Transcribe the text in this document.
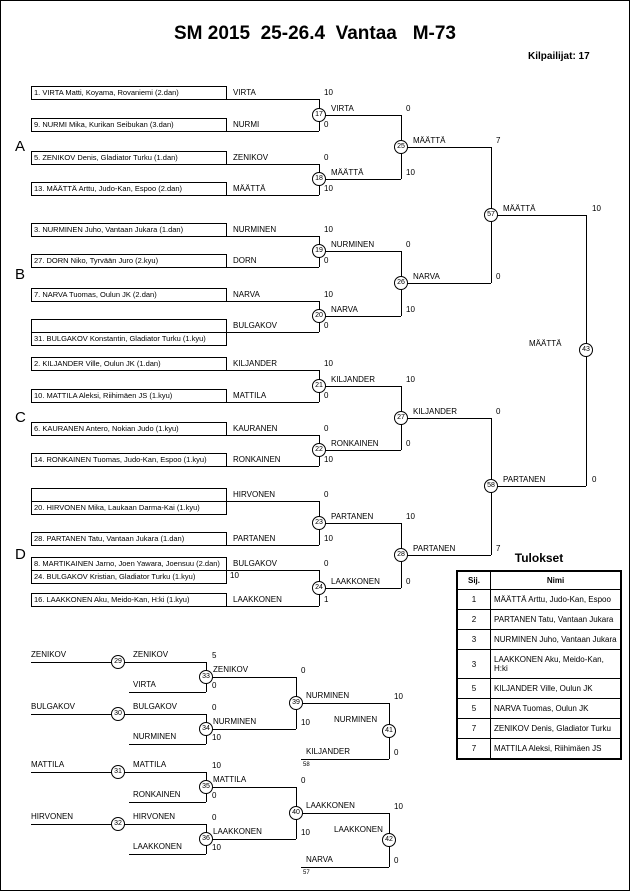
SM 2015  25-26.4  Vantaa   M-73
Kilpailijat: 17
A
B
C
D
1. VIRTA Matti, Koyama, Rovaniemi (2.dan)
9. NURMI Mika, Kurikan Seibukan (3.dan)
5. ZENIKOV Denis, Gladiator Turku (1.dan)
13. MÄÄTTÄ Arttu, Judo-Kan, Espoo (2.dan)
3. NURMINEN Juho, Vantaan Jukara (1.dan)
27. DORN Niko, Tyrvään Juro (2.kyu)
7. NARVA Tuomas, Oulun JK (2.dan)
31. BULGAKOV Konstantin, Gladiator Turku (1.kyu)
2. KILJANDER Ville, Oulun JK (1.dan)
10. MATTILA Aleksi, Riihimäen JS (1.kyu)
6. KAURANEN Antero, Nokian Judo (1.kyu)
14. RONKAINEN Tuomas, Judo-Kan, Espoo (1.kyu)
20. HIRVONEN Mika, Laukaan Darma-Kai (1.kyu)
28. PARTANEN Tatu, Vantaan Jukara (1.dan)
8. MARTIKAINEN Jarno, Joen Yawara, Joensuu (2.dan)
24. BULGAKOV Kristian, Gladiator Turku (1.kyu)
16. LAAKKONEN Aku, Meido-Kan, H:ki (1.kyu)
VIRTA
NURMI
ZENIKOV
MÄÄTTÄ
NURMINEN
DORN
NARVA
BULGAKOV
KILJANDER
MATTILA
KAURANEN
RONKAINEN
HIRVONEN
PARTANEN
BULGAKOV
LAAKKONEN
VIRTA
MÄÄTTÄ
NURMINEN
NARVA
KILJANDER
RONKAINEN
PARTANEN
LAAKKONEN
MÄÄTTÄ
NARVA
KILJANDER
PARTANEN
MÄÄTTÄ
PARTANEN
MÄÄTTÄ
ZENIKOV	ZENIKOV
VIRTA
BULGAKOV	BULGAKOV
NURMINEN
ZENIKOV
NURMINEN
NURMINEN
KILJANDER
NURMINEN
MATTILA	MATTILA
RONKAINEN
HIRVONEN	HIRVONEN
LAAKKONEN
MATTILA
LAAKKONEN
LAAKKONEN
NARVA
LAAKKONEN
10
0
0
10
10
0
10
0
10
0
0
10
0
10
0
1
0
10
0
10
10
0
10
0
7
0
0
7
10
0
10
5
0
0
10
10
0
0
10
0
10
0
10
10
0
10
0
58
57
17
18
19
20
21
22
23
24
25
26
27
28
57
58
43
29
30
31
32
33
34
35
36
39
40
41
42
Tulokset
Sij.	Nimi
1	MÄÄTTÄ Arttu, Judo-Kan, Espoo
2	PARTANEN Tatu, Vantaan Jukara
3	NURMINEN Juho, Vantaan Jukara
3	LAAKKONEN Aku, Meido-Kan, H:ki
5	KILJANDER Ville, Oulun JK
5	NARVA Tuomas, Oulun JK
7	ZENIKOV Denis, Gladiator Turku
7	MATTILA Aleksi, Riihimäen JS
